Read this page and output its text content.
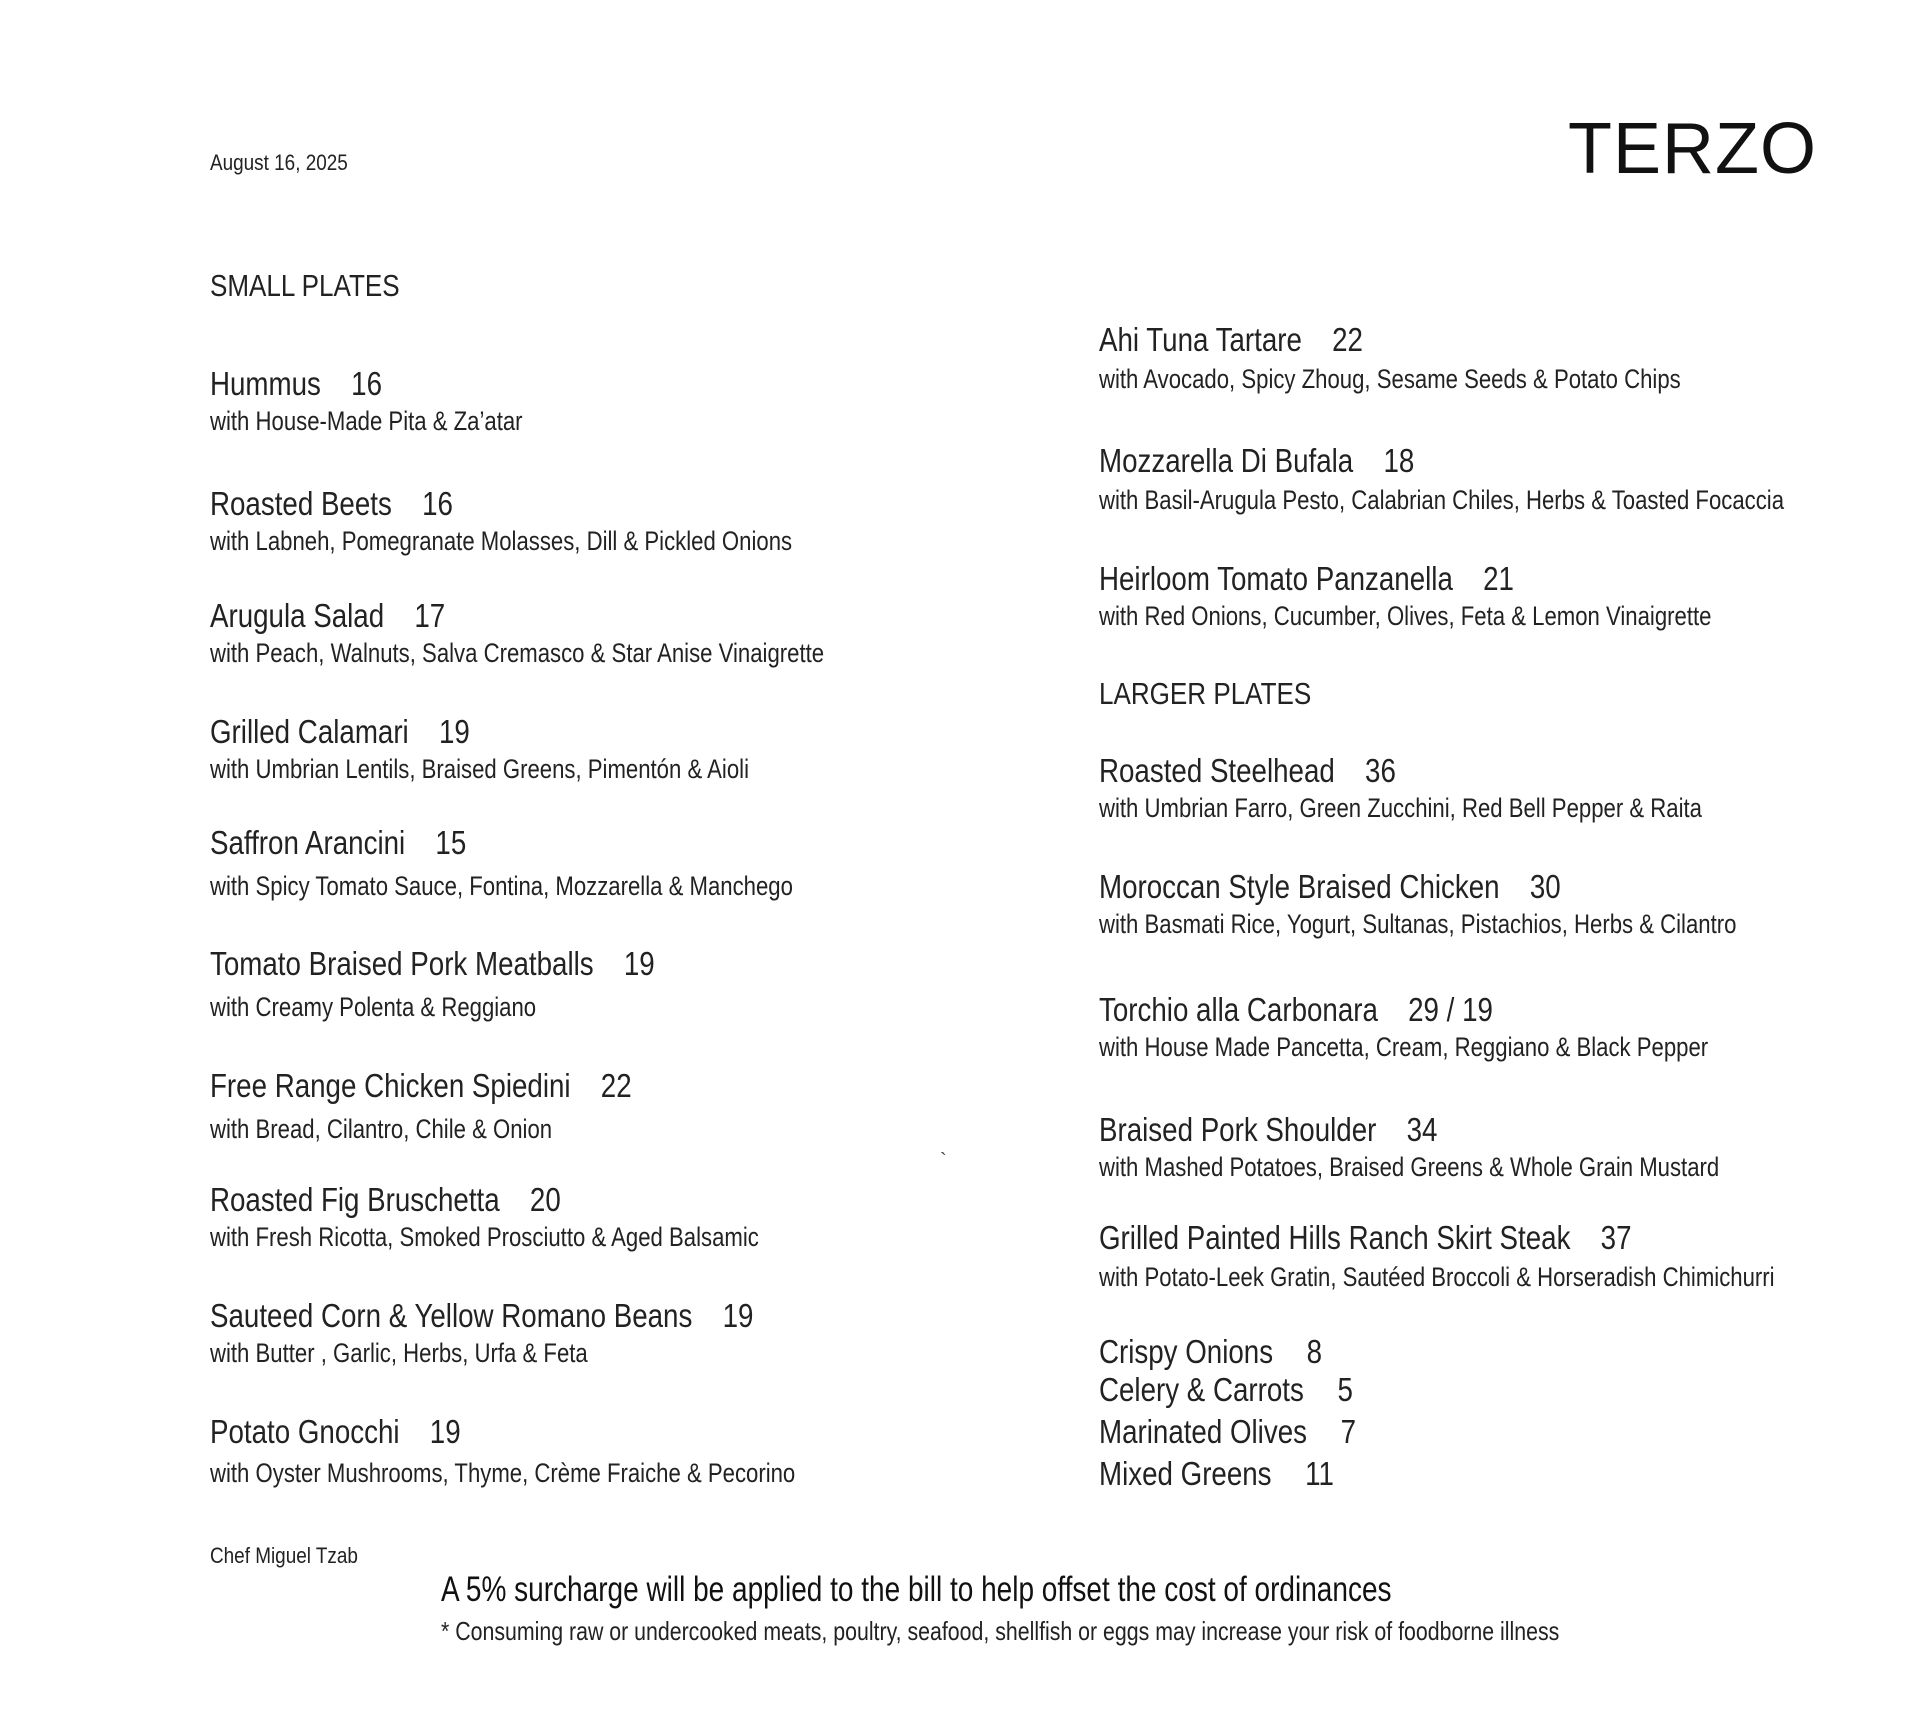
August 16, 2025	TERZO
SMALL PLATES
Hummus 16
with House-Made Pita & Za’atar
Roasted Beets 16
with Labneh, Pomegranate Molasses, Dill & Pickled Onions
Arugula Salad 17
with Peach, Walnuts, Salva Cremasco & Star Anise Vinaigrette
Grilled Calamari 19
with Umbrian Lentils, Braised Greens, Pimentón & Aioli
Saffron Arancini 15
with Spicy Tomato Sauce, Fontina, Mozzarella & Manchego
Tomato Braised Pork Meatballs 19
with Creamy Polenta & Reggiano
Free Range Chicken Spiedini 22
with Bread, Cilantro, Chile & Onion
Roasted Fig Bruschetta 20
with Fresh Ricotta, Smoked Prosciutto & Aged Balsamic
Sauteed Corn & Yellow Romano Beans 19
with Butter , Garlic, Herbs, Urfa & Feta
Potato Gnocchi 19
with Oyster Mushrooms, Thyme, Crème Fraiche & Pecorino
Ahi Tuna Tartare 22
with Avocado, Spicy Zhoug, Sesame Seeds & Potato Chips
Mozzarella Di Bufala 18
with Basil-Arugula Pesto, Calabrian Chiles, Herbs & Toasted Focaccia
Heirloom Tomato Panzanella 21
with Red Onions, Cucumber, Olives, Feta & Lemon Vinaigrette
LARGER PLATES
Roasted Steelhead 36
with Umbrian Farro, Green Zucchini, Red Bell Pepper & Raita
Moroccan Style Braised Chicken 30
with Basmati Rice, Yogurt, Sultanas, Pistachios, Herbs & Cilantro
Torchio alla Carbonara 29 / 19
with House Made Pancetta, Cream, Reggiano & Black Pepper
Braised Pork Shoulder 34
with Mashed Potatoes, Braised Greens & Whole Grain Mustard
Grilled Painted Hills Ranch Skirt Steak 37
with Potato-Leek Gratin, Sautéed Broccoli & Horseradish Chimichurri
Crispy Onions 8
Celery & Carrots 5
Marinated Olives 7
Mixed Greens 11
`
Chef Miguel Tzab
A 5% surcharge will be applied to the bill to help offset the cost of ordinances
* Consuming raw or undercooked meats, poultry, seafood, shellfish or eggs may increase your risk of foodborne illness
